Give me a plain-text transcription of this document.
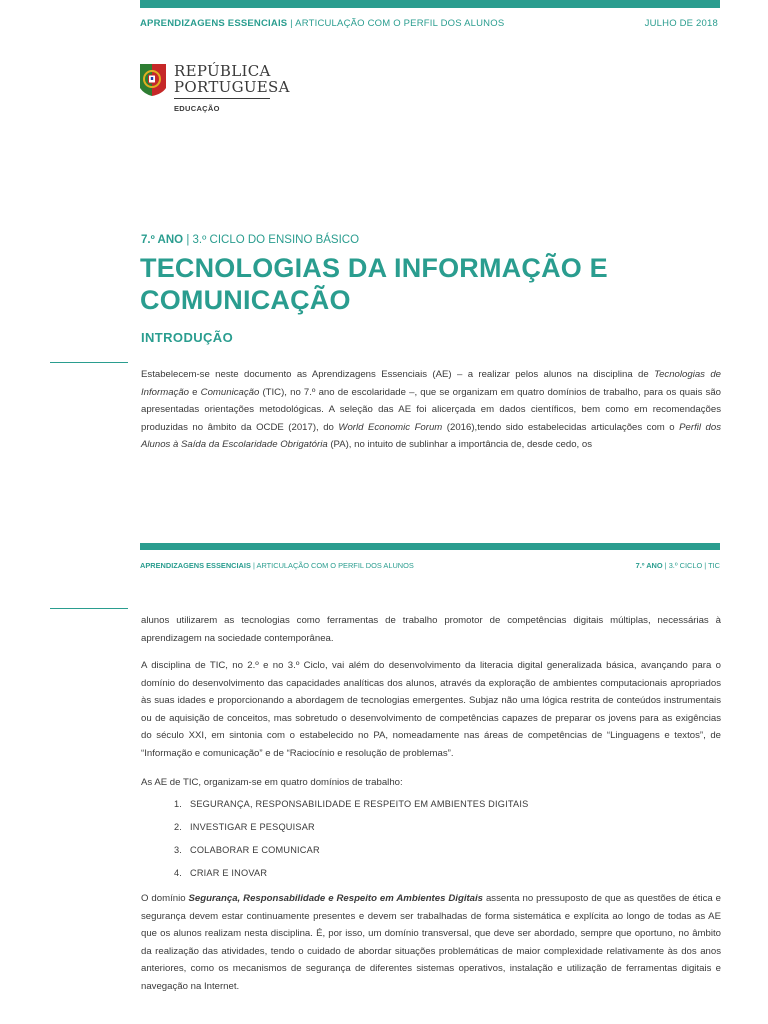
APRENDIZAGENS ESSENCIAIS | ARTICULAÇÃO COM O PERFIL DOS ALUNOS	JULHO DE 2018
REPÚBLICA
PORTUGUESA
EDUCAÇÃO
7.º ANO | 3.º CICLO DO ENSINO BÁSICO
TECNOLOGIAS DA INFORMAÇÃO E COMUNICAÇÃO
INTRODUÇÃO

Estabelecem-se neste documento as Aprendizagens Essenciais (AE) – a realizar pelos alunos na disciplina de Tecnologias de Informação e Comunicação (TIC), no 7.º ano de escolaridade –, que se organizam em quatro domínios de trabalho, para os quais são apresentadas orientações metodológicas. A seleção das AE foi alicerçada em dados científicos, bem como em recomendações produzidas no âmbito da OCDE (2017), do World Economic Forum (2016),tendo sido estabelecidas articulações com o Perfil dos Alunos à Saída da Escolaridade Obrigatória (PA), no intuito de sublinhar a importância de, desde cedo, os

APRENDIZAGENS ESSENCIAIS | ARTICULAÇÃO COM O PERFIL DOS ALUNOS	7.º ANO | 3.º CICLO | TIC

alunos utilizarem as tecnologias como ferramentas de trabalho promotor de competências digitais múltiplas, necessárias à aprendizagem na sociedade contemporânea.

A disciplina de TIC, no 2.º e no 3.º Ciclo, vai além do desenvolvimento da literacia digital generalizada básica, avançando para o domínio do desenvolvimento das capacidades analíticas dos alunos, através da exploração de ambientes computacionais apropriados às suas idades e proporcionando a abordagem de tecnologias emergentes. Subjaz não uma lógica restrita de conteúdos instrumentais ou de aquisição de conceitos, mas sobretudo o desenvolvimento de competências capazes de preparar os jovens para as exigências do século XXI, em sintonia com o estabelecido no PA, nomeadamente nas áreas de competências de “Linguagens e textos”, de “Informação e comunicação” e de “Raciocínio e resolução de problemas”.

As AE de TIC, organizam-se em quatro domínios de trabalho:

1. SEGURANÇA, RESPONSABILIDADE E RESPEITO EM AMBIENTES DIGITAIS
2. INVESTIGAR E PESQUISAR
3. COLABORAR E COMUNICAR
4. CRIAR E INOVAR

O domínio Segurança, Responsabilidade e Respeito em Ambientes Digitais assenta no pressuposto de que as questões de ética e segurança devem estar continuamente presentes e devem ser trabalhadas de forma sistemática e explícita ao longo de todas as AE que os alunos realizam nesta disciplina. É, por isso, um domínio transversal, que deve ser abordado, sempre que oportuno, no âmbito da realização das atividades, tendo o cuidado de abordar situações problemáticas de maior complexidade relativamente às dos anos anteriores, como os mecanismos de segurança de diferentes sistemas operativos, instalação e utilização de ferramentas digitais e navegação na Internet.
